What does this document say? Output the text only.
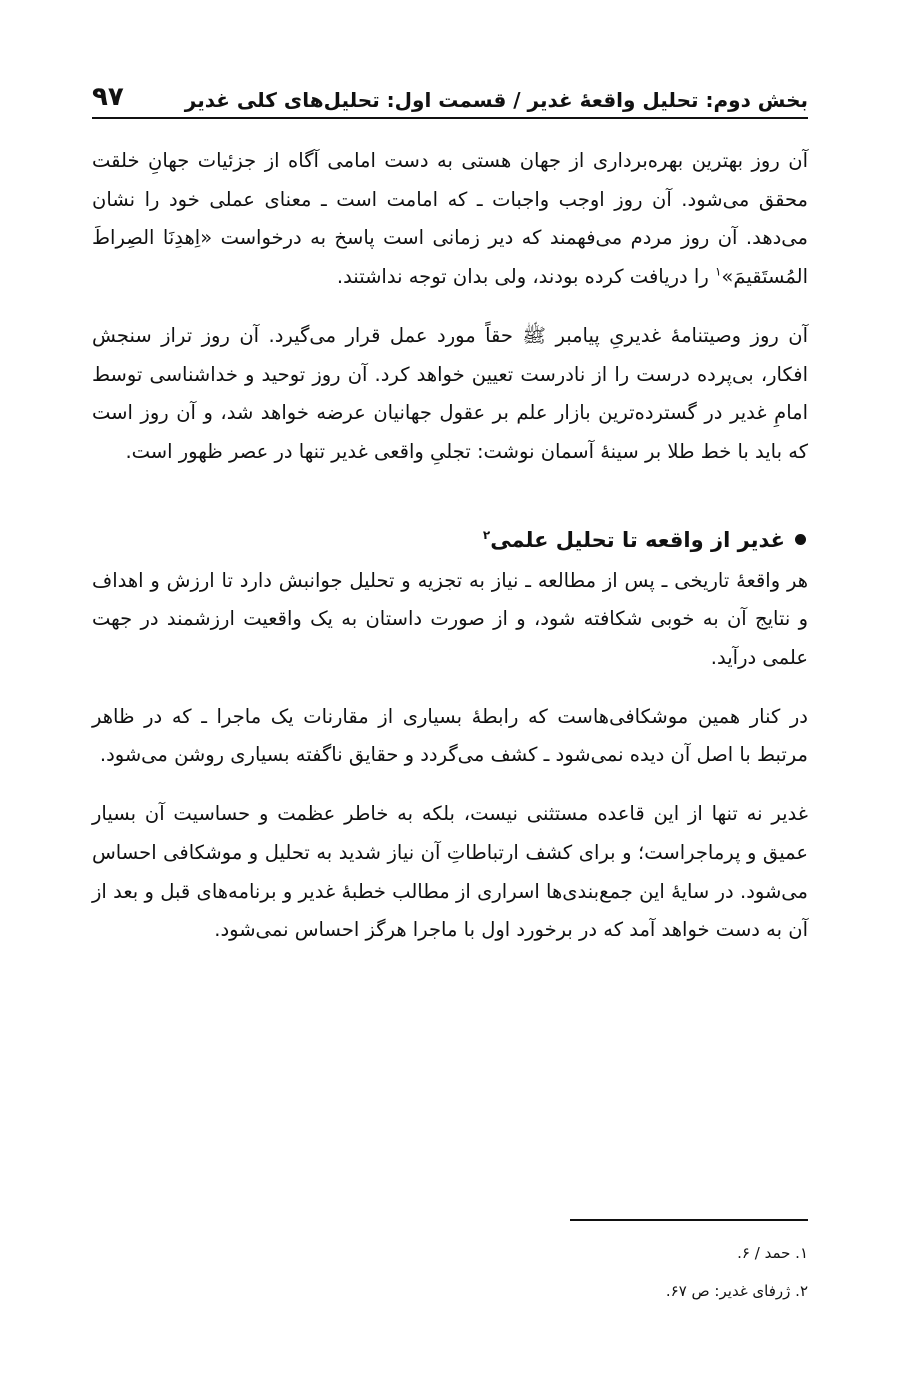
بخش دوم: تحلیل واقعهٔ غدیر / قسمت اول: تحلیل‌های کلی غدیر
۹۷

آن روز بهترین بهره‌برداری از جهان هستی به دست امامی آگاه از جزئیات جهانِ خلقت محقق می‌شود. آن روز اوجب واجبات ـ که امامت است ـ معنای عملی خود را نشان می‌دهد. آن روز مردم می‌فهمند که دیر زمانی است پاسخ به درخواست «اِهدِنَا الصِراطَ المُستَقیمَ»$^۱$ را دریافت کرده بودند، ولی بدان توجه نداشتند.

آن روز وصیتنامهٔ غدیریِ پیامبر ﷺ حقاً مورد عمل قرار می‌گیرد. آن روز تراز سنجش افکار، بی‌پرده درست را از نادرست تعیین خواهد کرد. آن روز توحید و خداشناسی توسط امامِ غدیر در گسترده‌ترین بازار علم بر عقول جهانیان عرضه خواهد شد، و آن روز است که باید با خط طلا بر سینهٔ آسمان نوشت: تجلیِ واقعی غدیر تنها در عصر ظهور است.

غدیر از واقعه تا تحلیل علمی$^۲$

هر واقعهٔ تاریخی ـ پس از مطالعه ـ نیاز به تجزیه و تحلیل جوانبش دارد تا ارزش و اهداف و نتایج آن به خوبی شکافته شود، و از صورت داستان به یک واقعیت ارزشمند در جهت علمی درآید.

در کنار همین موشکافی‌هاست که رابطهٔ بسیاری از مقارنات یک ماجرا ـ که در ظاهر مرتبط با اصل آن دیده نمی‌شود ـ کشف می‌گردد و حقایق ناگفته بسیاری روشن می‌شود.

غدیر نه تنها از این قاعده مستثنی نیست، بلکه به خاطر عظمت و حساسیت آن بسیار عمیق و پرماجراست؛ و برای کشف ارتباطاتِ آن نیاز شدید به تحلیل و موشکافی احساس می‌شود. در سایهٔ این جمع‌بندی‌ها اسراری از مطالب خطبهٔ غدیر و برنامه‌های قبل و بعد از آن به دست خواهد آمد که در برخورد اول با ماجرا هرگز احساس نمی‌شود.

۱. حمد / ۶.

۲. ژرفای غدیر: ص ۶۷.
